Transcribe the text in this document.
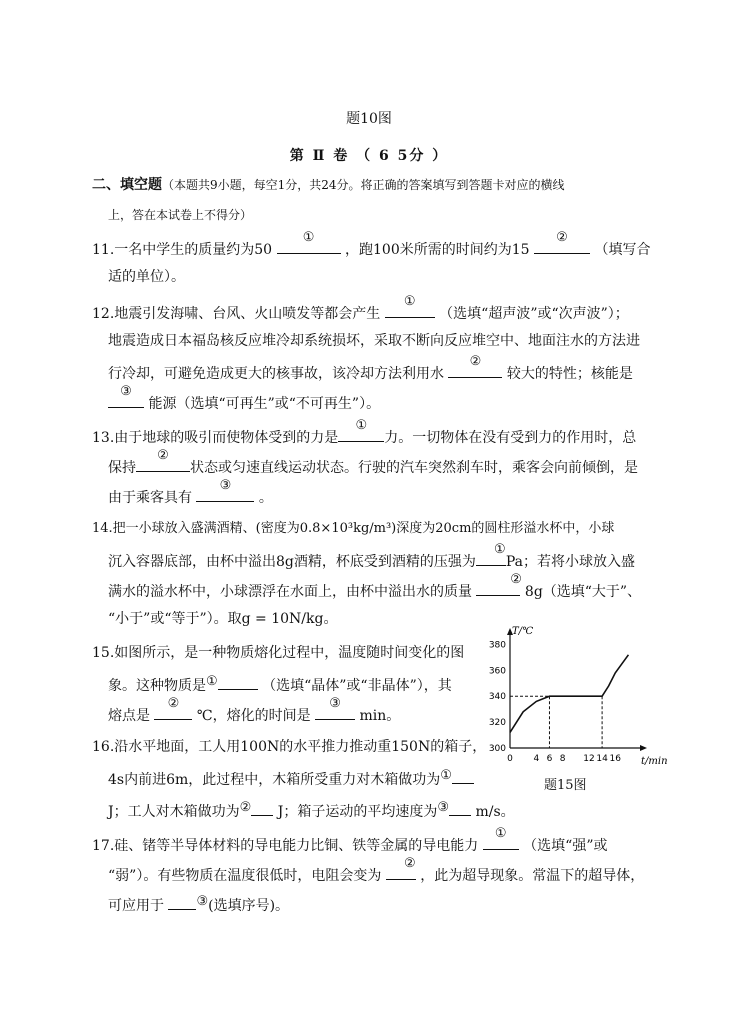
题10图
第 Ⅱ 卷 （ 6 5分 ）
二、填空题（本题共9小题，每空1分，共24分。将正确的答案填写到答题卡对应的横线
上，答在本试卷上不得分）
11.一名中学生的质量约为50
①
，跑100米所需的时间约为15
②
（填写合
适的单位）。
12.地震引发海啸、台风、火山喷发等都会产生
①
（选填“超声波”或“次声波”）；
地震造成日本福岛核反应堆冷却系统损坏，采取不断向反应堆空中、地面注水的方法进
行冷却，可避免造成更大的核事故，该冷却方法利用水
②
较大的特性；核能是
③
能源（选填“可再生”或“不可再生”）。
13.由于地球的吸引而使物体受到的力是
①
力。一切物体在没有受到力的作用时，总
保持
②
状态或匀速直线运动状态。行驶的汽车突然刹车时，乘客会向前倾倒，是
由于乘客具有
③
。
14.把一小球放入盛满酒精、(密度为0.8×10³kg/m³)深度为20cm的圆柱形溢水杯中，小球
沉入容器底部，由杯中溢出8g酒精，杯底受到酒精的压强为
①
Pa；若将小球放入盛
满水的溢水杯中，小球漂浮在水面上，由杯中溢出水的质量
②
8g（选填“大于”、
“小于”或“等于”）。取g = 10N/kg。
15.如图所示，是一种物质熔化过程中，温度随时间变化的图
象。这种物质是①	（选填“晶体”或“非晶体”），其
熔点是
②
℃，熔化的时间是
③
min。
16.沿水平地面，工人用100N的水平推力推动重150N的箱子，
4s内前进6m，此过程中，木箱所受重力对木箱做功为①
J；工人对木箱做功为② J；箱子运动的平均速度为③ m/s。
17.硅、锗等半导体材料的导电能力比铜、铁等金属的导电能力
①
（选填“强”或
“弱”）。有些物质在温度很低时，电阻会变为
②
，此为超导现象。常温下的超导体，
可应用于 ③(选填序号)。
T/℃
t/min
300
320
340
360
380
0 4 6 8 12 14 16
题15图
